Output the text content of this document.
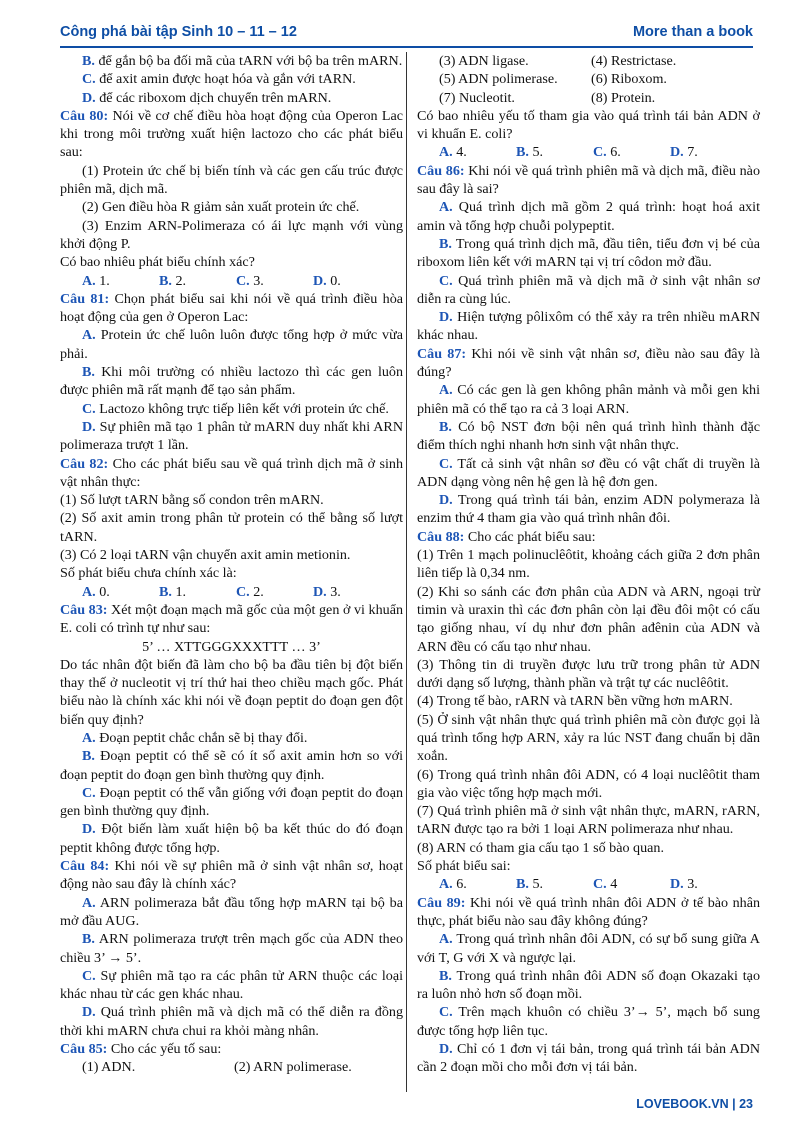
Công phá bài tập Sinh 10 – 11 – 12	More than a book

B. để gắn bộ ba đối mã của tARN với bộ ba trên mARN.

C. để axit amin được hoạt hóa và gắn với tARN.

D. để các riboxom dịch chuyển trên mARN.

Câu 80: Nói về cơ chế điều hòa hoạt động của Operon Lac khi trong môi trường xuất hiện lactozo cho các phát biểu sau:

(1) Protein ức chế bị biến tính và các gen cấu trúc được phiên mã, dịch mã.

(2) Gen điều hòa R giảm sản xuất protein ức chế.

(3) Enzim ARN-Polimeraza có ái lực mạnh với vùng khởi động P.

Có bao nhiêu phát biểu chính xác?

A. 1.	B. 2.	C. 3.	D. 0.

Câu 81: Chọn phát biểu sai khi nói về quá trình điều hòa hoạt động của gen ở Operon Lac:

A. Protein ức chế luôn luôn được tổng hợp ở mức vừa phải.

B. Khi môi trường có nhiều lactozo thì các gen luôn được phiên mã rất mạnh để tạo sản phẩm.

C. Lactozo không trực tiếp liên kết với protein ức chế.

D. Sự phiên mã tạo 1 phân tử mARN duy nhất khi ARN polimeraza trượt 1 lần.

Câu 82: Cho các phát biểu sau về quá trình dịch mã ở sinh vật nhân thực:

(1) Số lượt tARN bằng số condon trên mARN.

(2) Số axit amin trong phân tử protein có thể bằng số lượt tARN.

(3) Có 2 loại tARN vận chuyển axit amin metionin.

Số phát biểu chưa chính xác là:

A. 0.	B. 1.	C. 2.	D. 3.

Câu 83: Xét một đoạn mạch mã gốc của một gen ở vi khuẩn E. coli có trình tự như sau:

5’ … XTTGGGXXXTTT … 3’

Do tác nhân đột biến đã làm cho bộ ba đầu tiên bị đột biến thay thế ở nucleotit vị trí thứ hai theo chiều mạch gốc. Phát biểu nào là chính xác khi nói về đoạn peptit do đoạn gen đột biến quy định?

A. Đoạn peptit chắc chắn sẽ bị thay đổi.

B. Đoạn peptit có thể sẽ có ít số axit amin hơn so với đoạn peptit do đoạn gen bình thường quy định.

C. Đoạn peptit có thể vẫn giống với đoạn peptit do đoạn gen bình thường quy định.

D. Đột biến làm xuất hiện bộ ba kết thúc do đó đoạn peptit không được tổng hợp.

Câu 84: Khi nói về sự phiên mã ở sinh vật nhân sơ, hoạt động nào sau đây là chính xác?

A. ARN polimeraza bắt đầu tổng hợp mARN tại bộ ba mở đầu AUG.

B. ARN polimeraza trượt trên mạch gốc của ADN theo chiều 3’ → 5’.

C. Sự phiên mã tạo ra các phân tử ARN thuộc các loại khác nhau từ các gen khác nhau.

D. Quá trình phiên mã và dịch mã có thể diễn ra đồng thời khi mARN chưa chui ra khỏi màng nhân.

Câu 85: Cho các yếu tố sau:

(1) ADN.	(2) ARN polimerase.
(3) ADN ligase.	(4) Restrictase.
(5) ADN polimerase.	(6) Riboxom.
(7) Nucleotit.	(8) Protein.

Có bao nhiêu yếu tố tham gia vào quá trình tái bản ADN ở vi khuẩn E. coli?

A. 4.	B. 5.	C. 6.	D. 7.

Câu 86: Khi nói về quá trình phiên mã và dịch mã, điều nào sau đây là sai?

A. Quá trình dịch mã gồm 2 quá trình: hoạt hoá axit amin và tổng hợp chuỗi polypeptit.

B. Trong quá trình dịch mã, đầu tiên, tiểu đơn vị bé của riboxom liên kết với mARN tại vị trí côdon mở đầu.

C. Quá trình phiên mã và dịch mã ở sinh vật nhân sơ diễn ra cùng lúc.

D. Hiện tượng pôlixôm có thể xảy ra trên nhiều mARN khác nhau.

Câu 87: Khi nói về sinh vật nhân sơ, điều nào sau đây là đúng?

A. Có các gen là gen không phân mảnh và mỗi gen khi phiên mã có thể tạo ra cả 3 loại ARN.

B. Có bộ NST đơn bội nên quá trình hình thành đặc điểm thích nghi nhanh hơn sinh vật nhân thực.

C. Tất cả sinh vật nhân sơ đều có vật chất di truyền là ADN dạng vòng nên hệ gen là hệ đơn gen.

D. Trong quá trình tái bản, enzim ADN polymeraza là enzim thứ 4 tham gia vào quá trình nhân đôi.

Câu 88: Cho các phát biểu sau:

(1) Trên 1 mạch polinuclêôtit, khoảng cách giữa 2 đơn phân liên tiếp là 0,34 nm.

(2) Khi so sánh các đơn phân của ADN và ARN, ngoại trừ timin và uraxin thì các đơn phân còn lại đều đôi một có cấu tạo giống nhau, ví dụ như đơn phân ađênin của ADN và ARN đều có cấu tạo như nhau.

(3) Thông tin di truyền được lưu trữ trong phân tử ADN dưới dạng số lượng, thành phần và trật tự các nuclêôtit.

(4) Trong tế bào, rARN và tARN bền vững hơn mARN.

(5) Ở sinh vật nhân thực quá trình phiên mã còn được gọi là quá trình tổng hợp ARN, xảy ra lúc NST đang chuẩn bị dãn xoắn.

(6) Trong quá trình nhân đôi ADN, có 4 loại nuclêôtit tham gia vào việc tổng hợp mạch mới.

(7) Quá trình phiên mã ở sinh vật nhân thực, mARN, rARN, tARN được tạo ra bởi 1 loại ARN polimeraza như nhau.

(8) ARN có tham gia cấu tạo 1 số bào quan.

Số phát biểu sai:

A. 6.	B. 5.	C. 4	D. 3.

Câu 89: Khi nói về quá trình nhân đôi ADN ở tế bào nhân thực, phát biểu nào sau đây không đúng?

A. Trong quá trình nhân đôi ADN, có sự bổ sung giữa A với T, G với X và ngược lại.

B. Trong quá trình nhân đôi ADN số đoạn Okazaki tạo ra luôn nhỏ hơn số đoạn mồi.

C. Trên mạch khuôn có chiều 3’→ 5’, mạch bổ sung được tổng hợp liên tục.

D. Chỉ có 1 đơn vị tái bản, trong quá trình tái bản ADN cần 2 đoạn mồi cho mỗi đơn vị tái bản.

LOVEBOOK.VN | 23
